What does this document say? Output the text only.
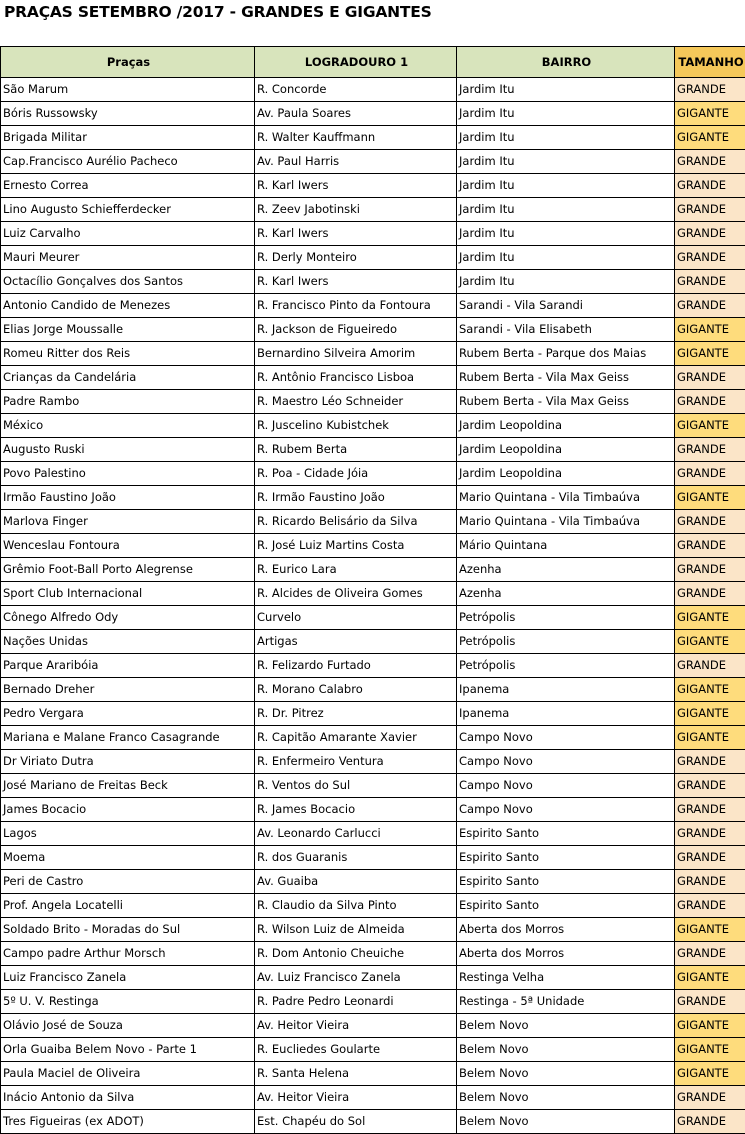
PRAÇAS SETEMBRO /2017 - GRANDES E GIGANTES
Praças	LOGRADOURO 1	BAIRRO	TAMANHO
São Marum	R. Concorde	Jardim Itu	GRANDE
Bóris Russowsky	Av. Paula Soares	Jardim Itu	GIGANTE
Brigada Militar	R. Walter Kauffmann	Jardim Itu	GIGANTE
Cap.Francisco Aurélio Pacheco	Av. Paul Harris	Jardim Itu	GRANDE
Ernesto Correa	R. Karl Iwers	Jardim Itu	GRANDE
Lino Augusto Schiefferdecker	R. Zeev Jabotinski	Jardim Itu	GRANDE
Luiz Carvalho	R. Karl Iwers	Jardim Itu	GRANDE
Mauri Meurer	R. Derly Monteiro	Jardim Itu	GRANDE
Octacílio Gonçalves dos Santos	R. Karl Iwers	Jardim Itu	GRANDE
Antonio Candido de Menezes	R. Francisco Pinto da Fontoura	Sarandi - Vila Sarandi	GRANDE
Elias Jorge Moussalle	R. Jackson de Figueiredo	Sarandi - Vila Elisabeth	GIGANTE
Romeu Ritter dos Reis	Bernardino Silveira Amorim	Rubem Berta - Parque dos Maias	GIGANTE
Crianças da Candelária	R. Antônio Francisco Lisboa	Rubem Berta - Vila Max Geiss	GRANDE
Padre Rambo	R. Maestro Léo Schneider	Rubem Berta - Vila Max Geiss	GRANDE
México	R. Juscelino Kubistchek	Jardim Leopoldina	GIGANTE
Augusto Ruski	R. Rubem Berta	Jardim Leopoldina	GRANDE
Povo Palestino	R. Poa - Cidade Jóia	Jardim Leopoldina	GRANDE
Irmão Faustino João	R. Irmão Faustino João	Mario Quintana - Vila Timbaúva	GIGANTE
Marlova Finger	R. Ricardo Belisário da Silva	Mario Quintana - Vila Timbaúva	GRANDE
Wenceslau Fontoura	R. José Luiz Martins Costa	Mário Quintana	GRANDE
Grêmio Foot-Ball Porto Alegrense	R. Eurico Lara	Azenha	GRANDE
Sport Club Internacional	R. Alcides de Oliveira Gomes	Azenha	GRANDE
Cônego Alfredo Ody	Curvelo	Petrópolis	GIGANTE
Nações Unidas	Artigas	Petrópolis	GIGANTE
Parque Araribóia	R. Felizardo Furtado	Petrópolis	GRANDE
Bernado Dreher	R. Morano Calabro	Ipanema	GIGANTE
Pedro Vergara	R. Dr. Pitrez	Ipanema	GIGANTE
Mariana e Malane Franco Casagrande	R. Capitão Amarante Xavier	Campo Novo	GIGANTE
Dr Viriato Dutra	R. Enfermeiro Ventura	Campo Novo	GRANDE
José Mariano de Freitas Beck	R. Ventos do Sul	Campo Novo	GRANDE
James Bocacio	R. James Bocacio	Campo Novo	GRANDE
Lagos	Av. Leonardo Carlucci	Espirito Santo	GRANDE
Moema	R. dos Guaranis	Espirito Santo	GRANDE
Peri de Castro	Av. Guaiba	Espirito Santo	GRANDE
Prof. Angela Locatelli	R. Claudio da Silva Pinto	Espirito Santo	GRANDE
Soldado Brito - Moradas do Sul	R. Wilson Luiz de Almeida	Aberta dos Morros	GIGANTE
Campo padre Arthur Morsch	R. Dom Antonio Cheuiche	Aberta dos Morros	GRANDE
Luiz Francisco Zanela	Av. Luiz Francisco Zanela	Restinga Velha	GIGANTE
5º U. V. Restinga	R. Padre Pedro Leonardi	Restinga - 5ª Unidade	GRANDE
Olávio José de Souza	Av. Heitor Vieira	Belem Novo	GIGANTE
Orla Guaiba Belem Novo - Parte 1	R. Eucliedes Goularte	Belem Novo	GIGANTE
Paula Maciel de Oliveira	R. Santa Helena	Belem Novo	GIGANTE
Inácio Antonio da Silva	Av. Heitor Vieira	Belem Novo	GRANDE
Tres Figueiras (ex ADOT)	Est. Chapéu do Sol	Belem Novo	GRANDE
